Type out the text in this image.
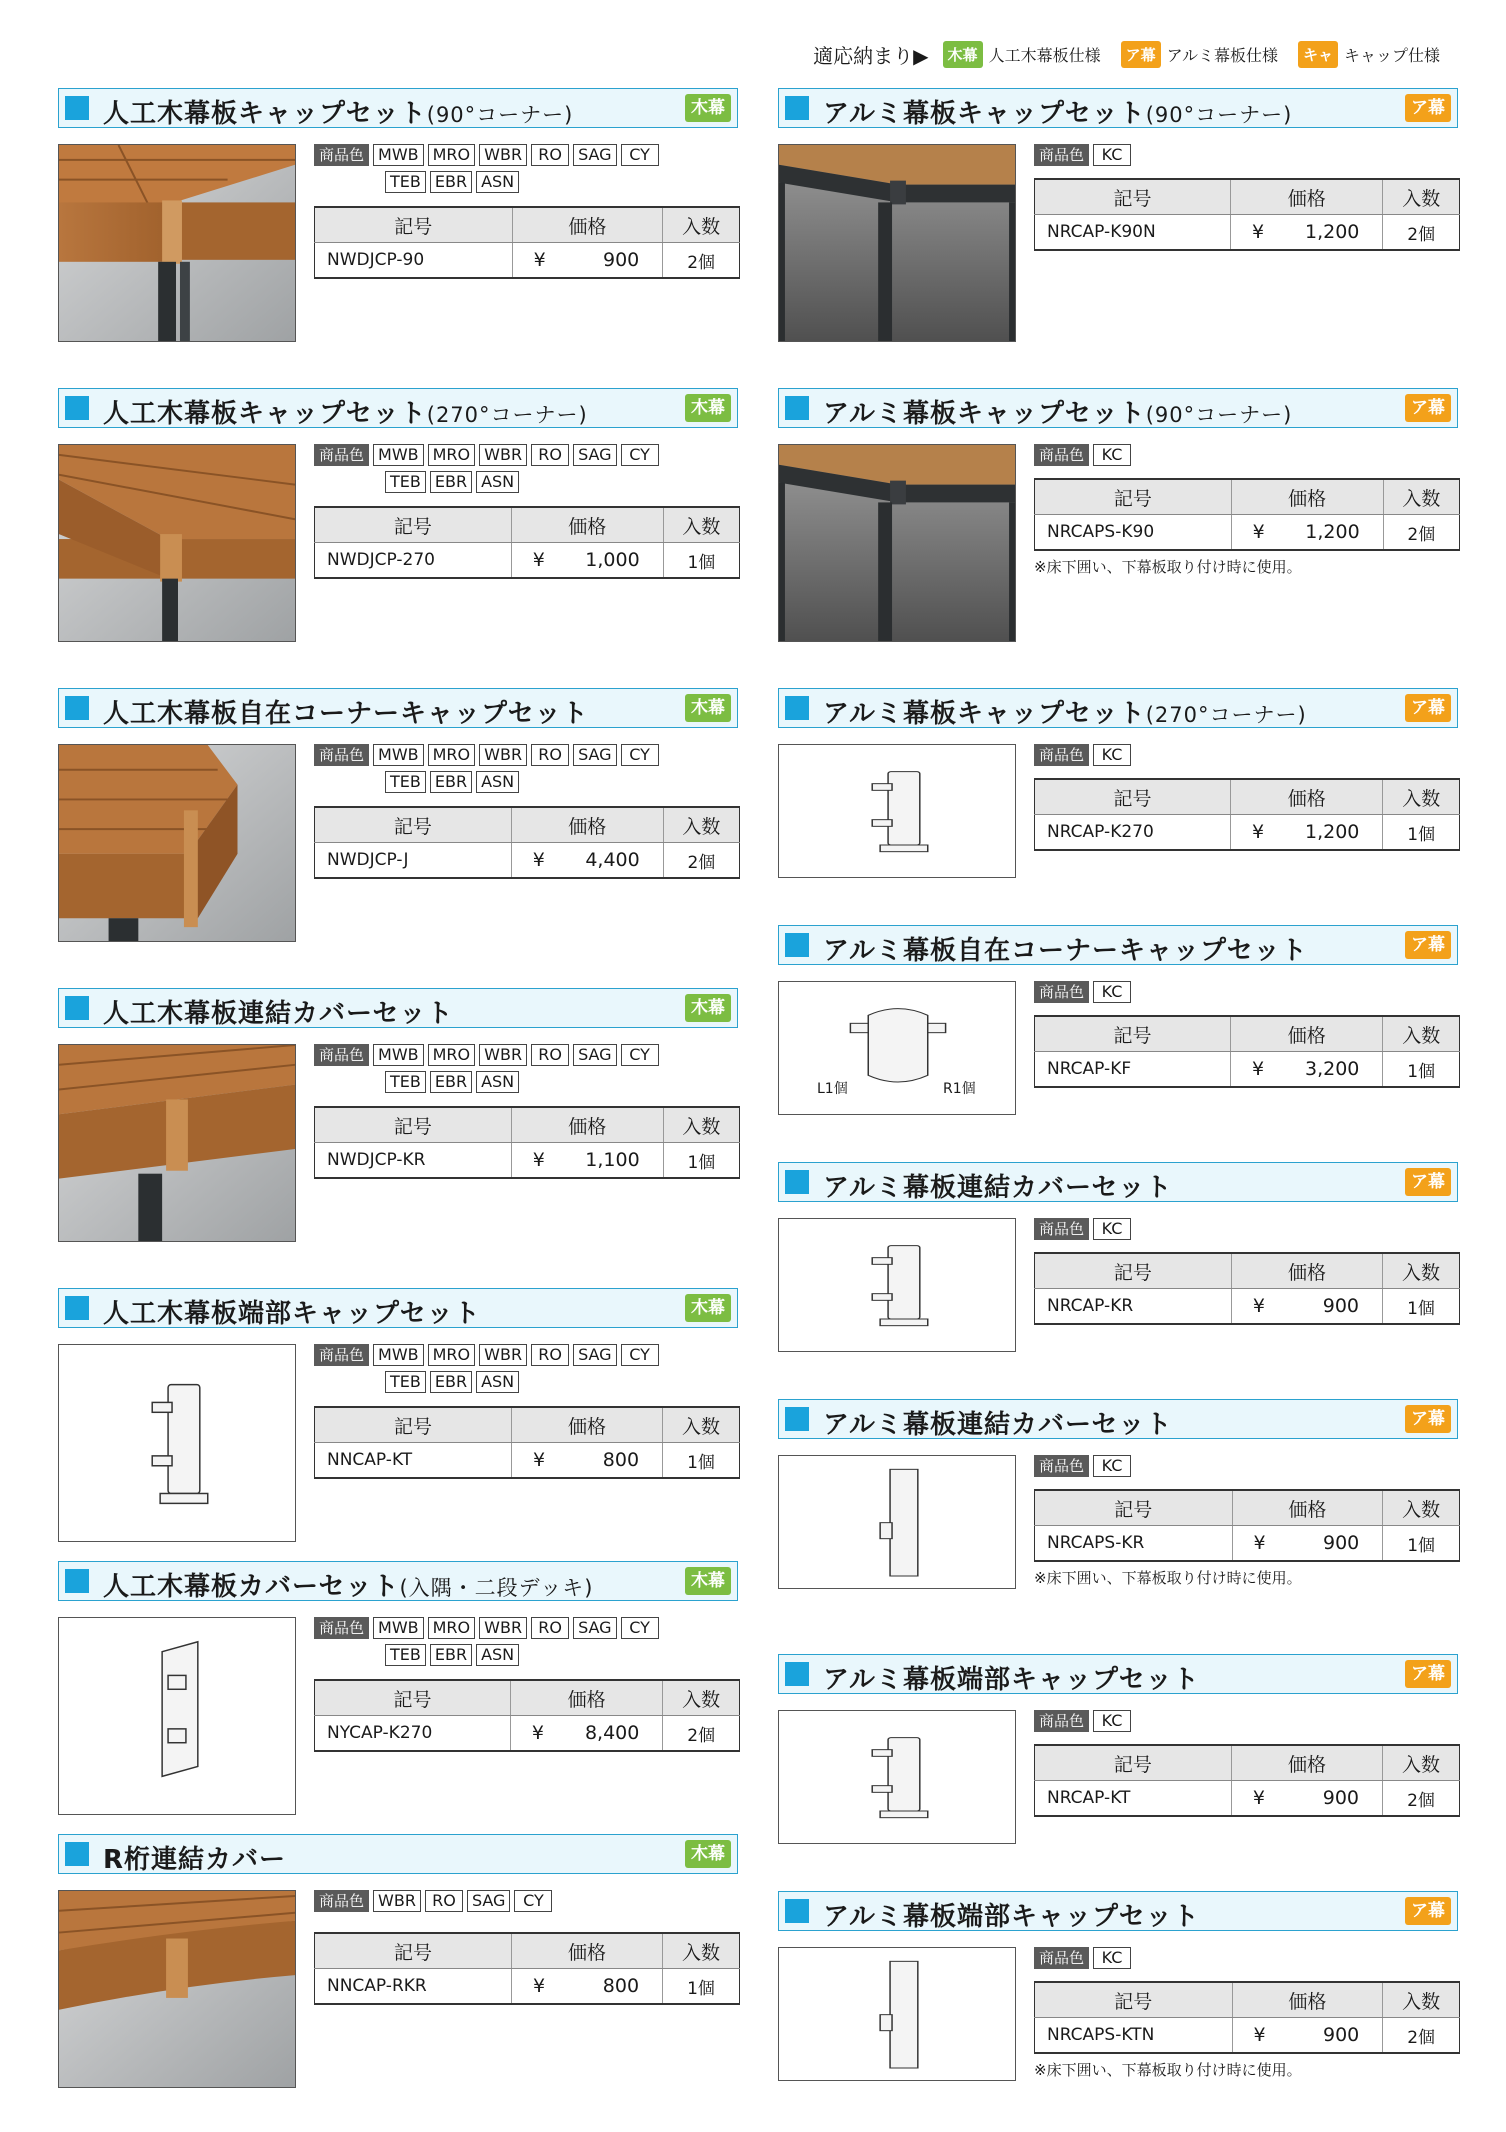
適応納まり▶	木幕 人工木幕板仕様	ア幕 アルミ幕板仕様	キャ キャップ仕様
人工木幕板キャップセット(90°コーナー)	木幕
商品色 MWB MRO WBR	RO	SAG	CY
TEB EBR ASN
記号	価格	入数
NWDJCP-90	¥ 900	2個
人工木幕板キャップセット(270°コーナー)	木幕
商品色 MWB MRO WBR	RO	SAG	CY
TEB EBR ASN
記号	価格	入数
NWDJCP-270	¥ 1,000	1個
人工木幕板自在コーナーキャップセット	木幕
商品色 MWB MRO WBR	RO	SAG	CY
TEB EBR ASN
記号	価格	入数
NWDJCP-J	¥ 4,400	2個
人工木幕板連結カバーセット	木幕
商品色 MWB MRO WBR	RO	SAG	CY
TEB EBR ASN
記号	価格	入数
NWDJCP-KR	¥ 1,100	1個
人工木幕板端部キャップセット	木幕
商品色 MWB MRO WBR	RO	SAG	CY
TEB EBR ASN
記号	価格	入数
NNCAP-KT	¥ 800	1個
人工木幕板カバーセット(入隅・二段デッキ)	木幕
商品色 MWB MRO WBR	RO	SAG	CY
TEB EBR ASN
記号	価格	入数
NYCAP-K270	¥ 8,400	2個
R桁連結カバー	木幕
商品色 WBR	RO	SAG	CY
記号	価格	入数
NNCAP-RKR	¥ 800	1個
アルミ幕板キャップセット(90°コーナー)	ア幕
商品色	KC
記号	価格	入数
NRCAP-K90N	¥ 1,200	2個
アルミ幕板キャップセット(90°コーナー)	ア幕
商品色	KC
記号	価格	入数
NRCAPS-K90	¥ 1,200	2個
※床下囲い、下幕板取り付け時に使用。
アルミ幕板キャップセット(270°コーナー)	ア幕
商品色	KC
記号	価格	入数
NRCAP-K270	¥ 1,200	1個
アルミ幕板自在コーナーキャップセット	ア幕
L1個	R1個
商品色	KC
記号	価格	入数
NRCAP-KF	¥ 3,200	1個
アルミ幕板連結カバーセット	ア幕
商品色	KC
記号	価格	入数
NRCAP-KR	¥ 900	1個
アルミ幕板連結カバーセット	ア幕
商品色	KC
記号	価格	入数
NRCAPS-KR	¥ 900	1個
※床下囲い、下幕板取り付け時に使用。
アルミ幕板端部キャップセット	ア幕
商品色	KC
記号	価格	入数
NRCAP-KT	¥ 900	2個
アルミ幕板端部キャップセット	ア幕
商品色	KC
記号	価格	入数
NRCAPS-KTN	¥ 900	2個
※床下囲い、下幕板取り付け時に使用。
